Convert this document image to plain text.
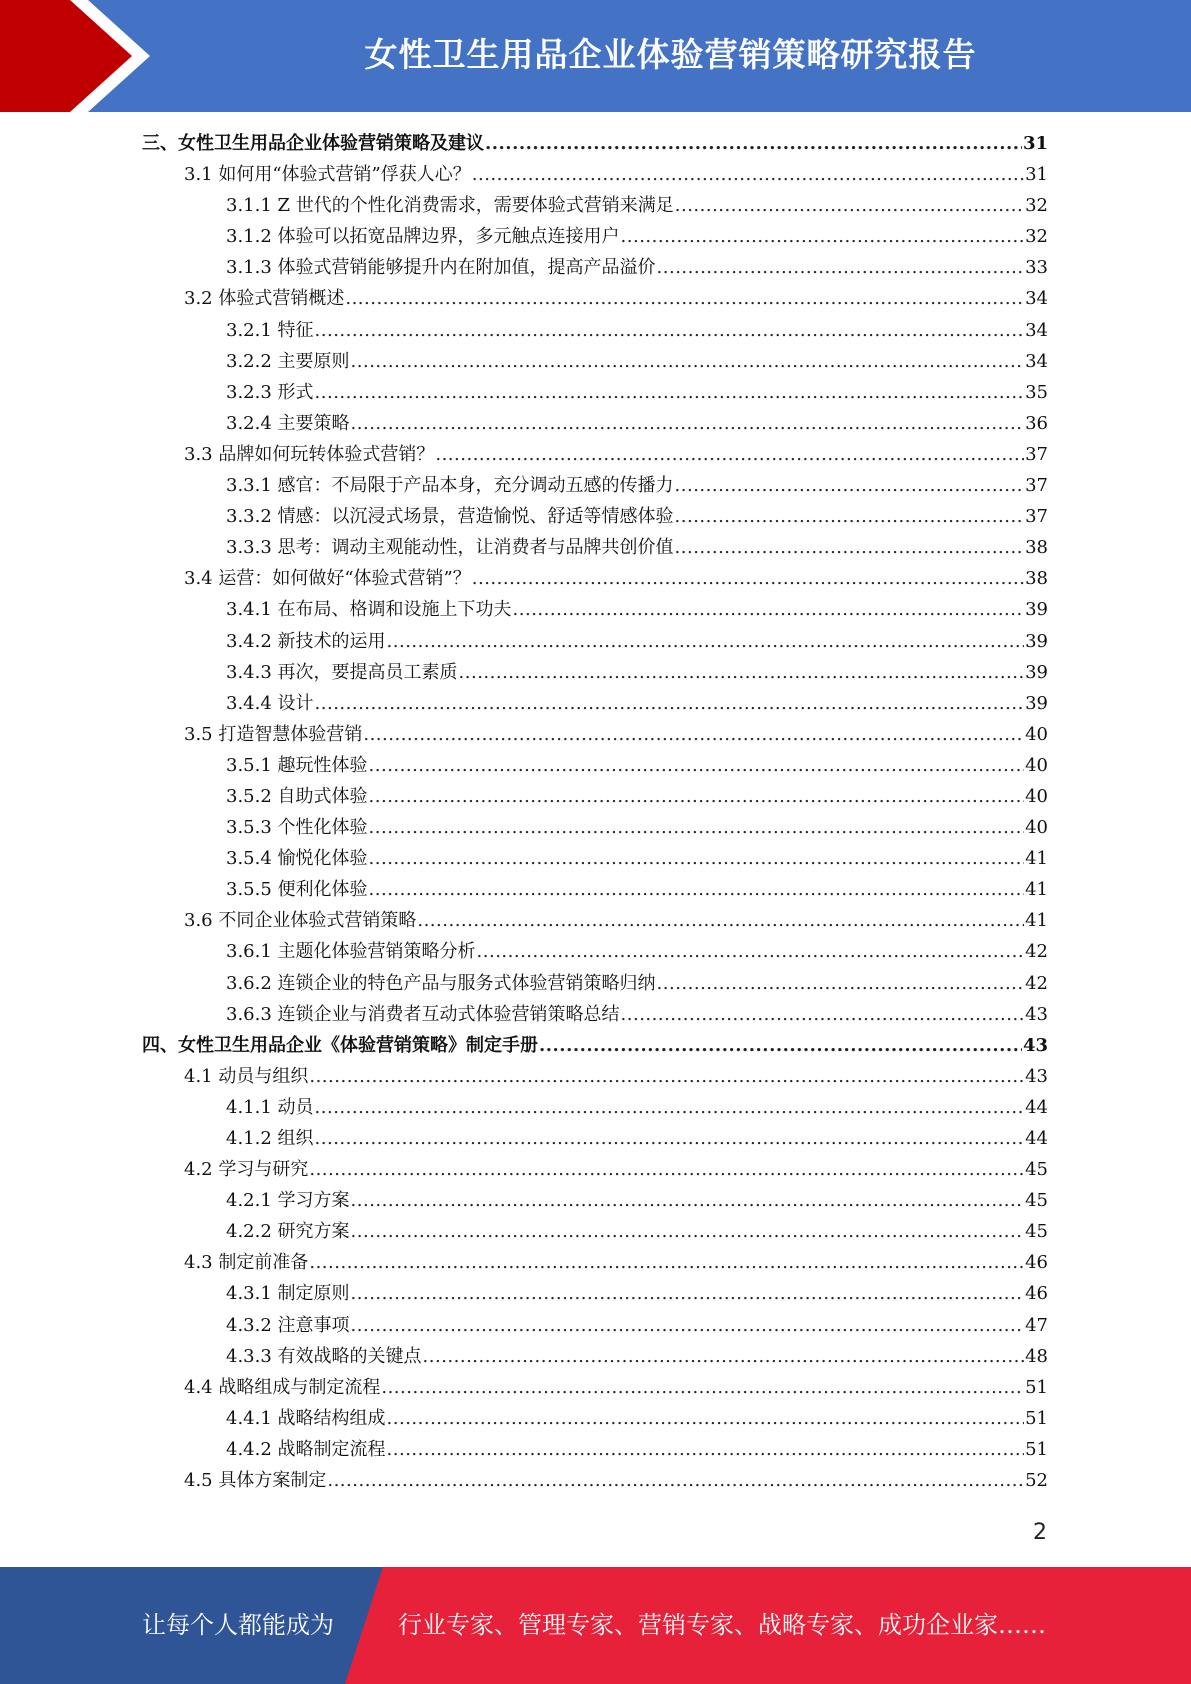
女性卫生用品企业体验营销策略研究报告
三、女性卫生用品企业体验营销策略及建议 .....	31
3.1 如何用“体验式营销”俘获人心？ .....	31
3.1.1 Z 世代的个性化消费需求，需要体验式营销来满足 .....	32
3.1.2 体验可以拓宽品牌边界，多元触点连接用户 .....	32
3.1.3 体验式营销能够提升内在附加值，提高产品溢价 .....	33
3.2 体验式营销概述 .....	34
3.2.1 特征 .....	34
3.2.2 主要原则 .....	34
3.2.3 形式 .....	35
3.2.4 主要策略 .....	36
3.3 品牌如何玩转体验式营销？ .....	37
3.3.1 感官：不局限于产品本身，充分调动五感的传播力 .....	37
3.3.2 情感：以沉浸式场景，营造愉悦、舒适等情感体验 .....	37
3.3.3 思考：调动主观能动性，让消费者与品牌共创价值 .....	38
3.4 运营：如何做好“体验式营销”？ .....	38
3.4.1 在布局、格调和设施上下功夫 .....	39
3.4.2 新技术的运用 .....	39
3.4.3 再次，要提高员工素质 .....	39
3.4.4 设计 .....	39
3.5 打造智慧体验营销 .....	40
3.5.1 趣玩性体验 .....	40
3.5.2 自助式体验 .....	40
3.5.3 个性化体验 .....	40
3.5.4 愉悦化体验 .....	41
3.5.5 便利化体验 .....	41
3.6 不同企业体验式营销策略 .....	41
3.6.1 主题化体验营销策略分析 .....	42
3.6.2 连锁企业的特色产品与服务式体验营销策略归纳 .....	42
3.6.3 连锁企业与消费者互动式体验营销策略总结 .....	43
四、女性卫生用品企业《体验营销策略》制定手册 .....	43
4.1 动员与组织 .....	43
4.1.1 动员 .....	44
4.1.2 组织 .....	44
4.2 学习与研究 .....	45
4.2.1 学习方案 .....	45
4.2.2 研究方案 .....	45
4.3 制定前准备 .....	46
4.3.1 制定原则 .....	46
4.3.2 注意事项 .....	47
4.3.3 有效战略的关键点 .....	48
4.4 战略组成与制定流程 .....	51
4.4.1 战略结构组成 .....	51
4.4.2 战略制定流程 .....	51
4.5 具体方案制定 .....	52
2
让每个人都能成为	行业专家、管理专家、营销专家、战略专家、成功企业家……
